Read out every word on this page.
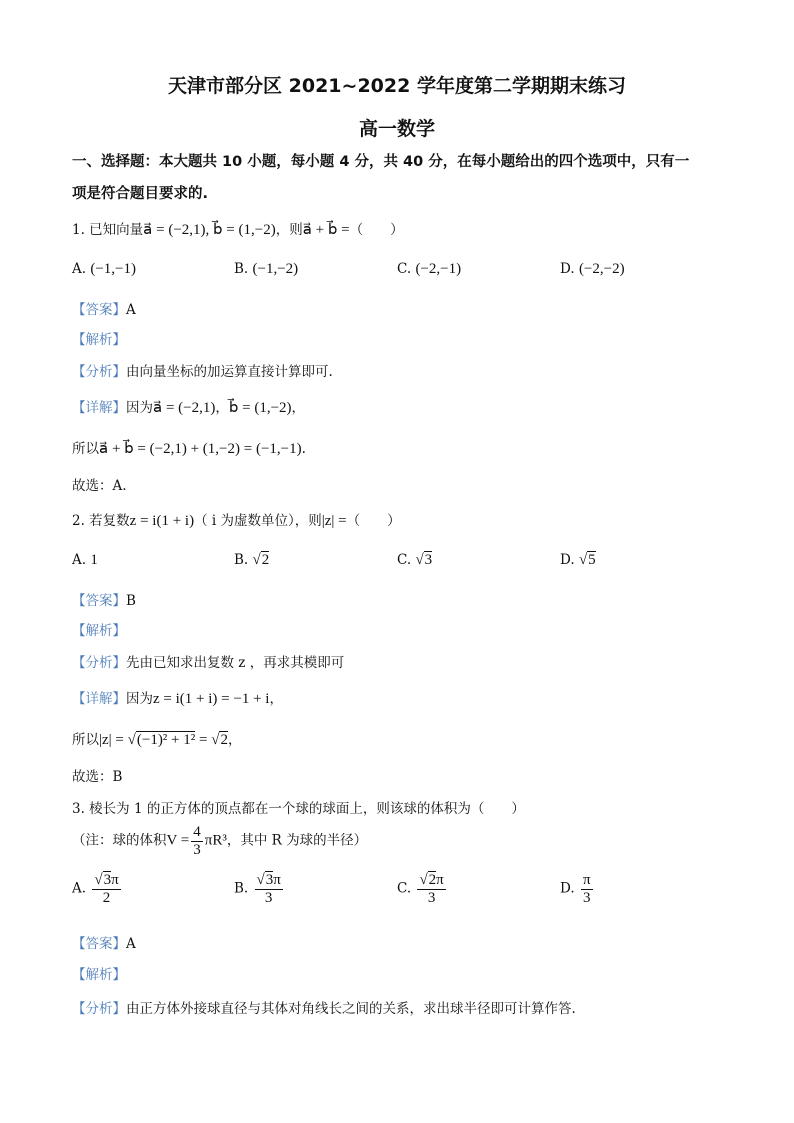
天津市部分区 2021~2022 学年度第二学期期末练习
高一数学
一、选择题：本大题共 10 小题，每小题 4 分，共 40 分，在每小题给出的四个选项中，只有一
项是符合题目要求的.
1. 已知向量a⃗ = (−2,1), b⃗ = (1,−2)，则a⃗ + b⃗ =（　　）
A. (−1,−1)	B. (−1,−2)	C. (−2,−1)	D. (−2,−2)
【答案】A
【解析】
【分析】由向量坐标的加运算直接计算即可.
【详解】因为a⃗ = (−2,1)，b⃗ = (1,−2)，
所以a⃗ + b⃗ = (−2,1) + (1,−2) = (−1,−1).
故选：A.
2. 若复数z = i(1 + i)（ i 为虚数单位），则|z| =（　　）
A. 1	B. √2	C. √3	D. √5
【答案】B
【解析】
【分析】先由已知求出复数 z ，再求其模即可
【详解】因为z = i(1 + i) = −1 + i，
所以|z| = √(−1)² + 1² = √2，
故选：B
3. 棱长为 1 的正方体的顶点都在一个球的球面上，则该球的体积为（　　）
（注：球的体积$V = \frac{4}{3} \pi R^3$，其中 R 为球的半径）
A. $\frac{√3\pi}{2}$	B. $\frac{√3\pi}{3}$	C. $\frac{√2\pi}{3}$	D. $\frac{\pi}{3}$
【答案】A
【解析】
【分析】由正方体外接球直径与其体对角线长之间的关系，求出球半径即可计算作答.
